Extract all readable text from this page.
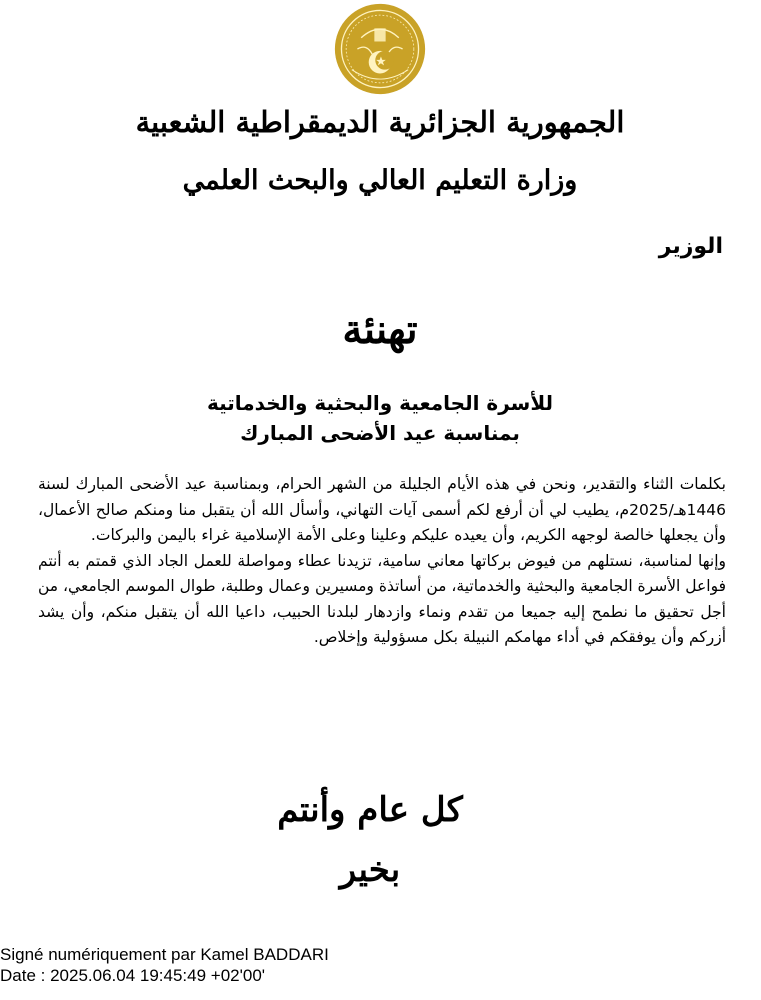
الجمهورية الجزائرية الديمقراطية الشعبية
وزارة التعليم العالي والبحث العلمي
الوزير
تهنئة
للأسرة الجامعية والبحثية والخدماتية
بمناسبة عيد الأضحى المبارك

بكلمات الثناء والتقدير، ونحن في هذه الأيام الجليلة من الشهر الحرام، وبمناسبة عيد الأضحى المبارك لسنة 1446هـ/2025م، يطيب لي أن أرفع لكم أسمى آيات التهاني، وأسأل الله أن يتقبل منا ومنكم صالح الأعمال، وأن يجعلها خالصة لوجهه الكريم، وأن يعيده عليكم وعلينا وعلى الأمة الإسلامية غراء باليمن والبركات.

وإنها لمناسبة، نستلهم من فيوض بركاتها معاني سامية، تزيدنا عطاء ومواصلة للعمل الجاد الذي قمتم به أنتم فواعل الأسرة الجامعية والبحثية والخدماتية، من أساتذة ومسيرين وعمال وطلبة، طوال الموسم الجامعي، من أجل تحقيق ما نطمح إليه جميعا من تقدم ونماء وازدهار لبلدنا الحبيب، داعيا الله أن يتقبل منكم، وأن يشد أزركم وأن يوفقكم في أداء مهامكم النبيلة بكل مسؤولية وإخلاص.

كل عام وأنتم بخير
Signé numériquement par Kamel BADDARI
Date : 2025.06.04 19:45:49 +02'00'
